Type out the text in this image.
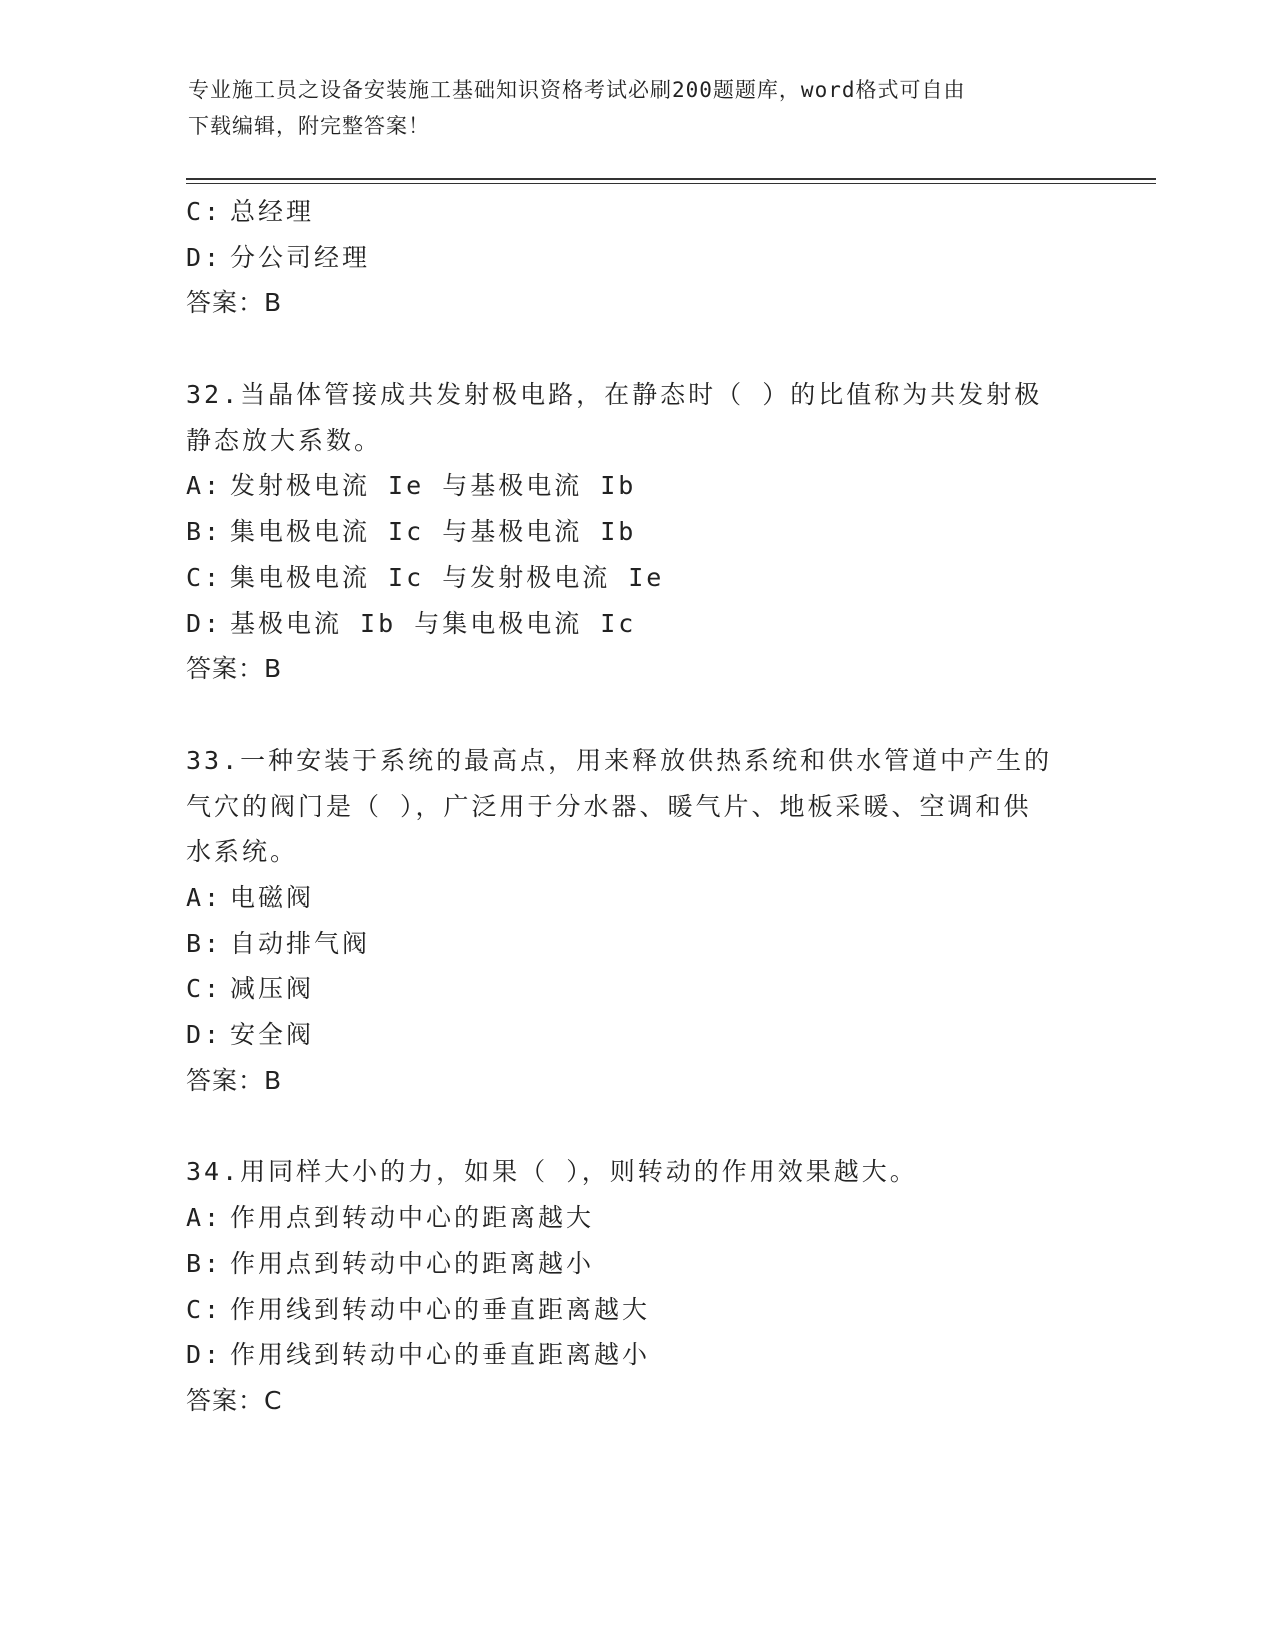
专业施工员之设备安装施工基础知识资格考试必刷200题题库，word格式可自由
下载编辑，附完整答案！
C: 总经理
D: 分公司经理
答案：B
32.当晶体管接成共发射极电路，在静态时（ ）的比值称为共发射极
静态放大系数。
A: 发射极电流 Ie 与基极电流 Ib
B: 集电极电流 Ic 与基极电流 Ib
C: 集电极电流 Ic 与发射极电流 Ie
D: 基极电流 Ib 与集电极电流 Ic
答案：B
33.一种安装于系统的最高点，用来释放供热系统和供水管道中产生的
气穴的阀门是（ ），广泛用于分水器、暖气片、地板采暖、空调和供
水系统。
A: 电磁阀
B: 自动排气阀
C: 减压阀
D: 安全阀
答案：B
34.用同样大小的力，如果（ ），则转动的作用效果越大。
A: 作用点到转动中心的距离越大
B: 作用点到转动中心的距离越小
C: 作用线到转动中心的垂直距离越大
D: 作用线到转动中心的垂直距离越小
答案：C
